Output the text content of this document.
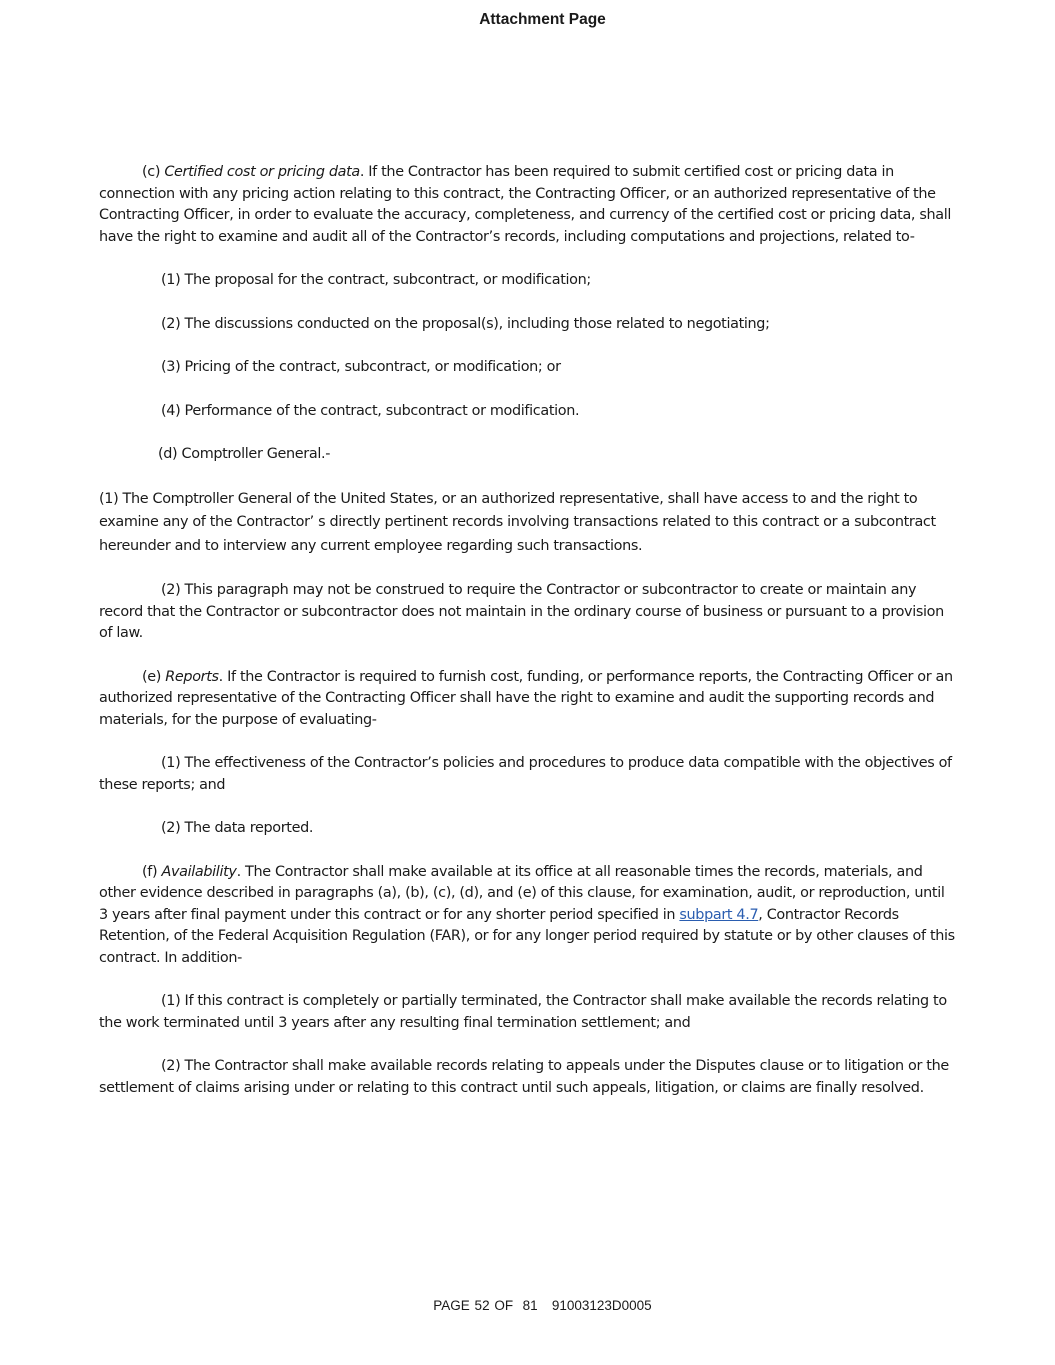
Attachment Page

(c) Certified cost or pricing data. If the Contractor has been required to submit certified cost or pricing data in connection with any pricing action relating to this contract, the Contracting Officer, or an authorized representative of the Contracting Officer, in order to evaluate the accuracy, completeness, and currency of the certified cost or pricing data, shall have the right to examine and audit all of the Contractor’s records, including computations and projections, related to-

(1) The proposal for the contract, subcontract, or modification;

(2) The discussions conducted on the proposal(s), including those related to negotiating;

(3) Pricing of the contract, subcontract, or modification; or

(4) Performance of the contract, subcontract or modification.

(d) Comptroller General.-

(1) The Comptroller General of the United States, or an authorized representative, shall have access to and the right to examine any of the Contractor’ s directly pertinent records involving transactions related to this contract or a subcontract hereunder and to interview any current employee regarding such transactions.

(2) This paragraph may not be construed to require the Contractor or subcontractor to create or maintain any record that the Contractor or subcontractor does not maintain in the ordinary course of business or pursuant to a provision of law.

(e) Reports. If the Contractor is required to furnish cost, funding, or performance reports, the Contracting Officer or an authorized representative of the Contracting Officer shall have the right to examine and audit the supporting records and materials, for the purpose of evaluating-

(1) The effectiveness of the Contractor’s policies and procedures to produce data compatible with the objectives of these reports; and

(2) The data reported.

(f) Availability. The Contractor shall make available at its office at all reasonable times the records, materials, and other evidence described in paragraphs (a), (b), (c), (d), and (e) of this clause, for examination, audit, or reproduction, until 3 years after final payment under this contract or for any shorter period specified in subpart 4.7, Contractor Records Retention, of the Federal Acquisition Regulation (FAR), or for any longer period required by statute or by other clauses of this contract. In addition-

(1) If this contract is completely or partially terminated, the Contractor shall make available the records relating to the work terminated until 3 years after any resulting final termination settlement; and

(2) The Contractor shall make available records relating to appeals under the Disputes clause or to litigation or the settlement of claims arising under or relating to this contract until such appeals, litigation, or claims are finally resolved.

PAGE 52 OF  81   91003123D0005
